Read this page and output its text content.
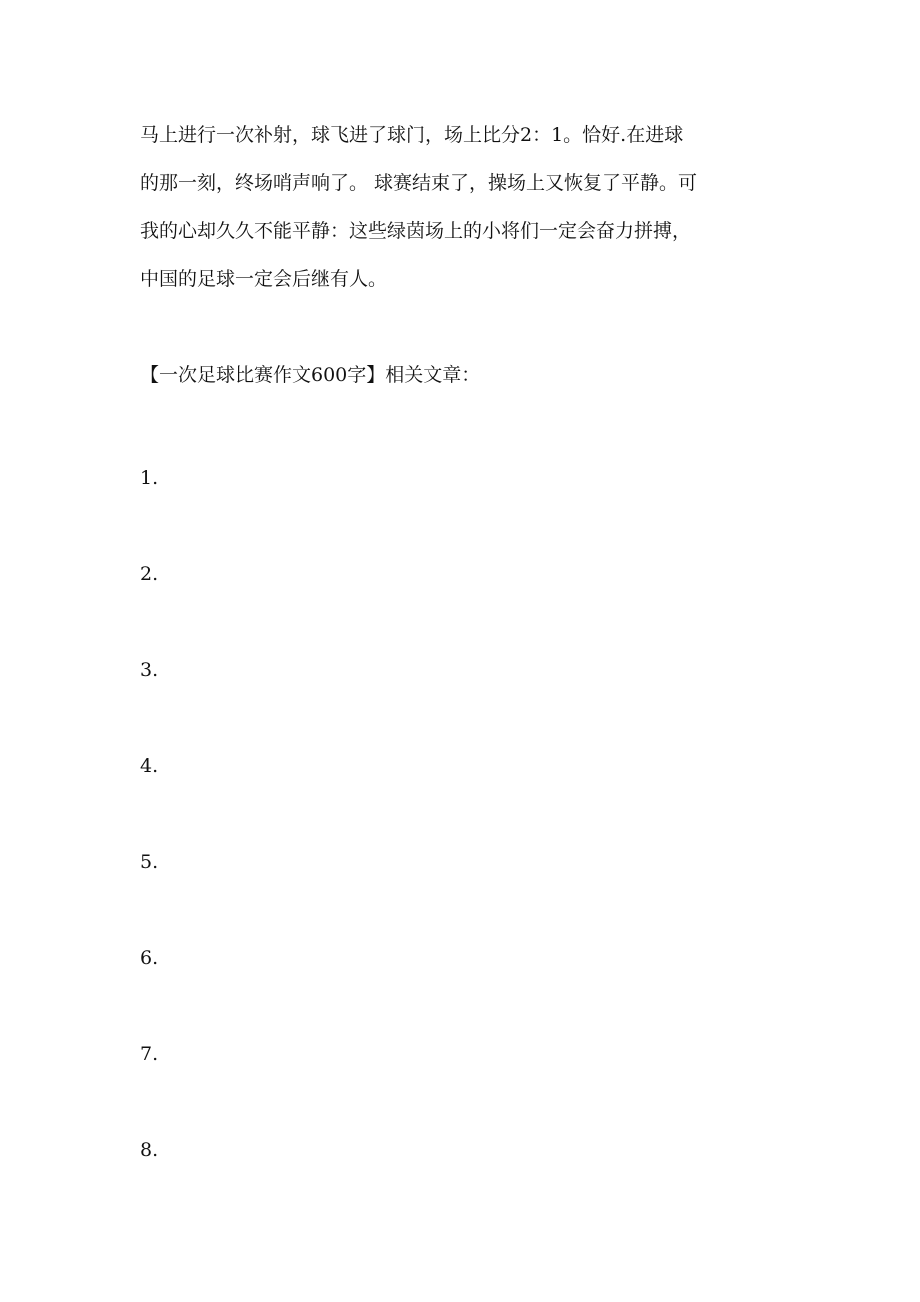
马上进行一次补射，球飞进了球门，场上比分2：1。恰好.在进球
的那一刻，终场哨声响了。 球赛结束了，操场上又恢复了平静。可
我的心却久久不能平静：这些绿茵场上的小将们一定会奋力拼搏，
中国的足球一定会后继有人。
【一次足球比赛作文600字】相关文章：
1.
2.
3.
4.
5.
6.
7.
8.
